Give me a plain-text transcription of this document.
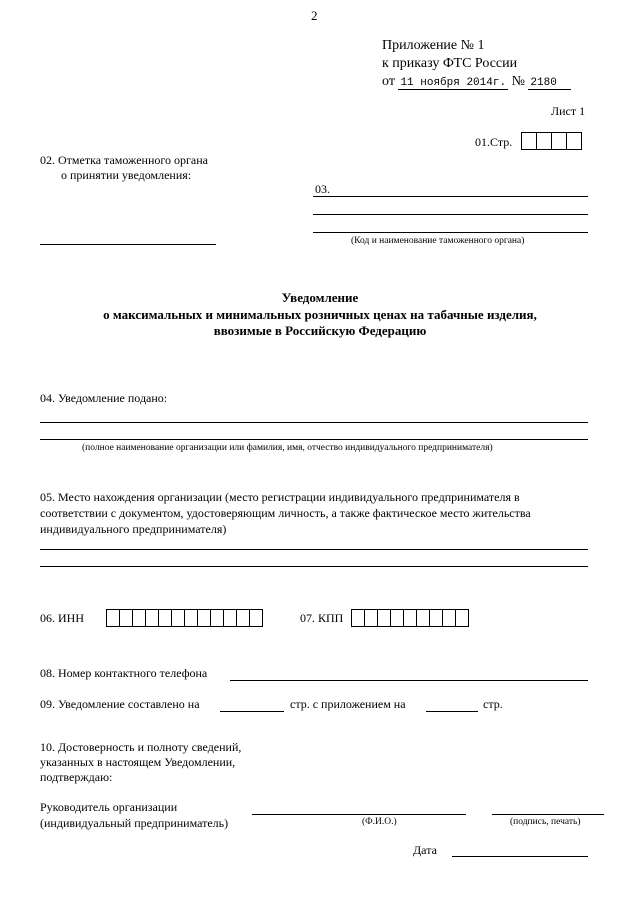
2
Приложение № 1
к приказу ФТС России
от 11 ноября 2014г. № 2180
Лист 1
01.Стр.
02. Отметка таможенного органа
о принятии уведомления:
03.
(Код и наименование таможенного органа)
Уведомление
о максимальных и минимальных розничных ценах на табачные изделия,
ввозимые в Российскую Федерацию
04. Уведомление подано:
(полное наименование организации или фамилия, имя, отчество индивидуального предпринимателя)
05. Место нахождения организации (место регистрации индивидуального предпринимателя в
соответствии с документом, удостоверяющим личность, а также фактическое место жительства
индивидуального предпринимателя)
06. ИНН	07. КПП
08. Номер контактного телефона
09. Уведомление составлено на	стр. с приложением на	стр.
10. Достоверность и полноту сведений,
указанных в настоящем Уведомлении,
подтверждаю:
Руководитель организации
(индивидуальный предприниматель)	(Ф.И.О.)	(подпись, печать)
Дата
